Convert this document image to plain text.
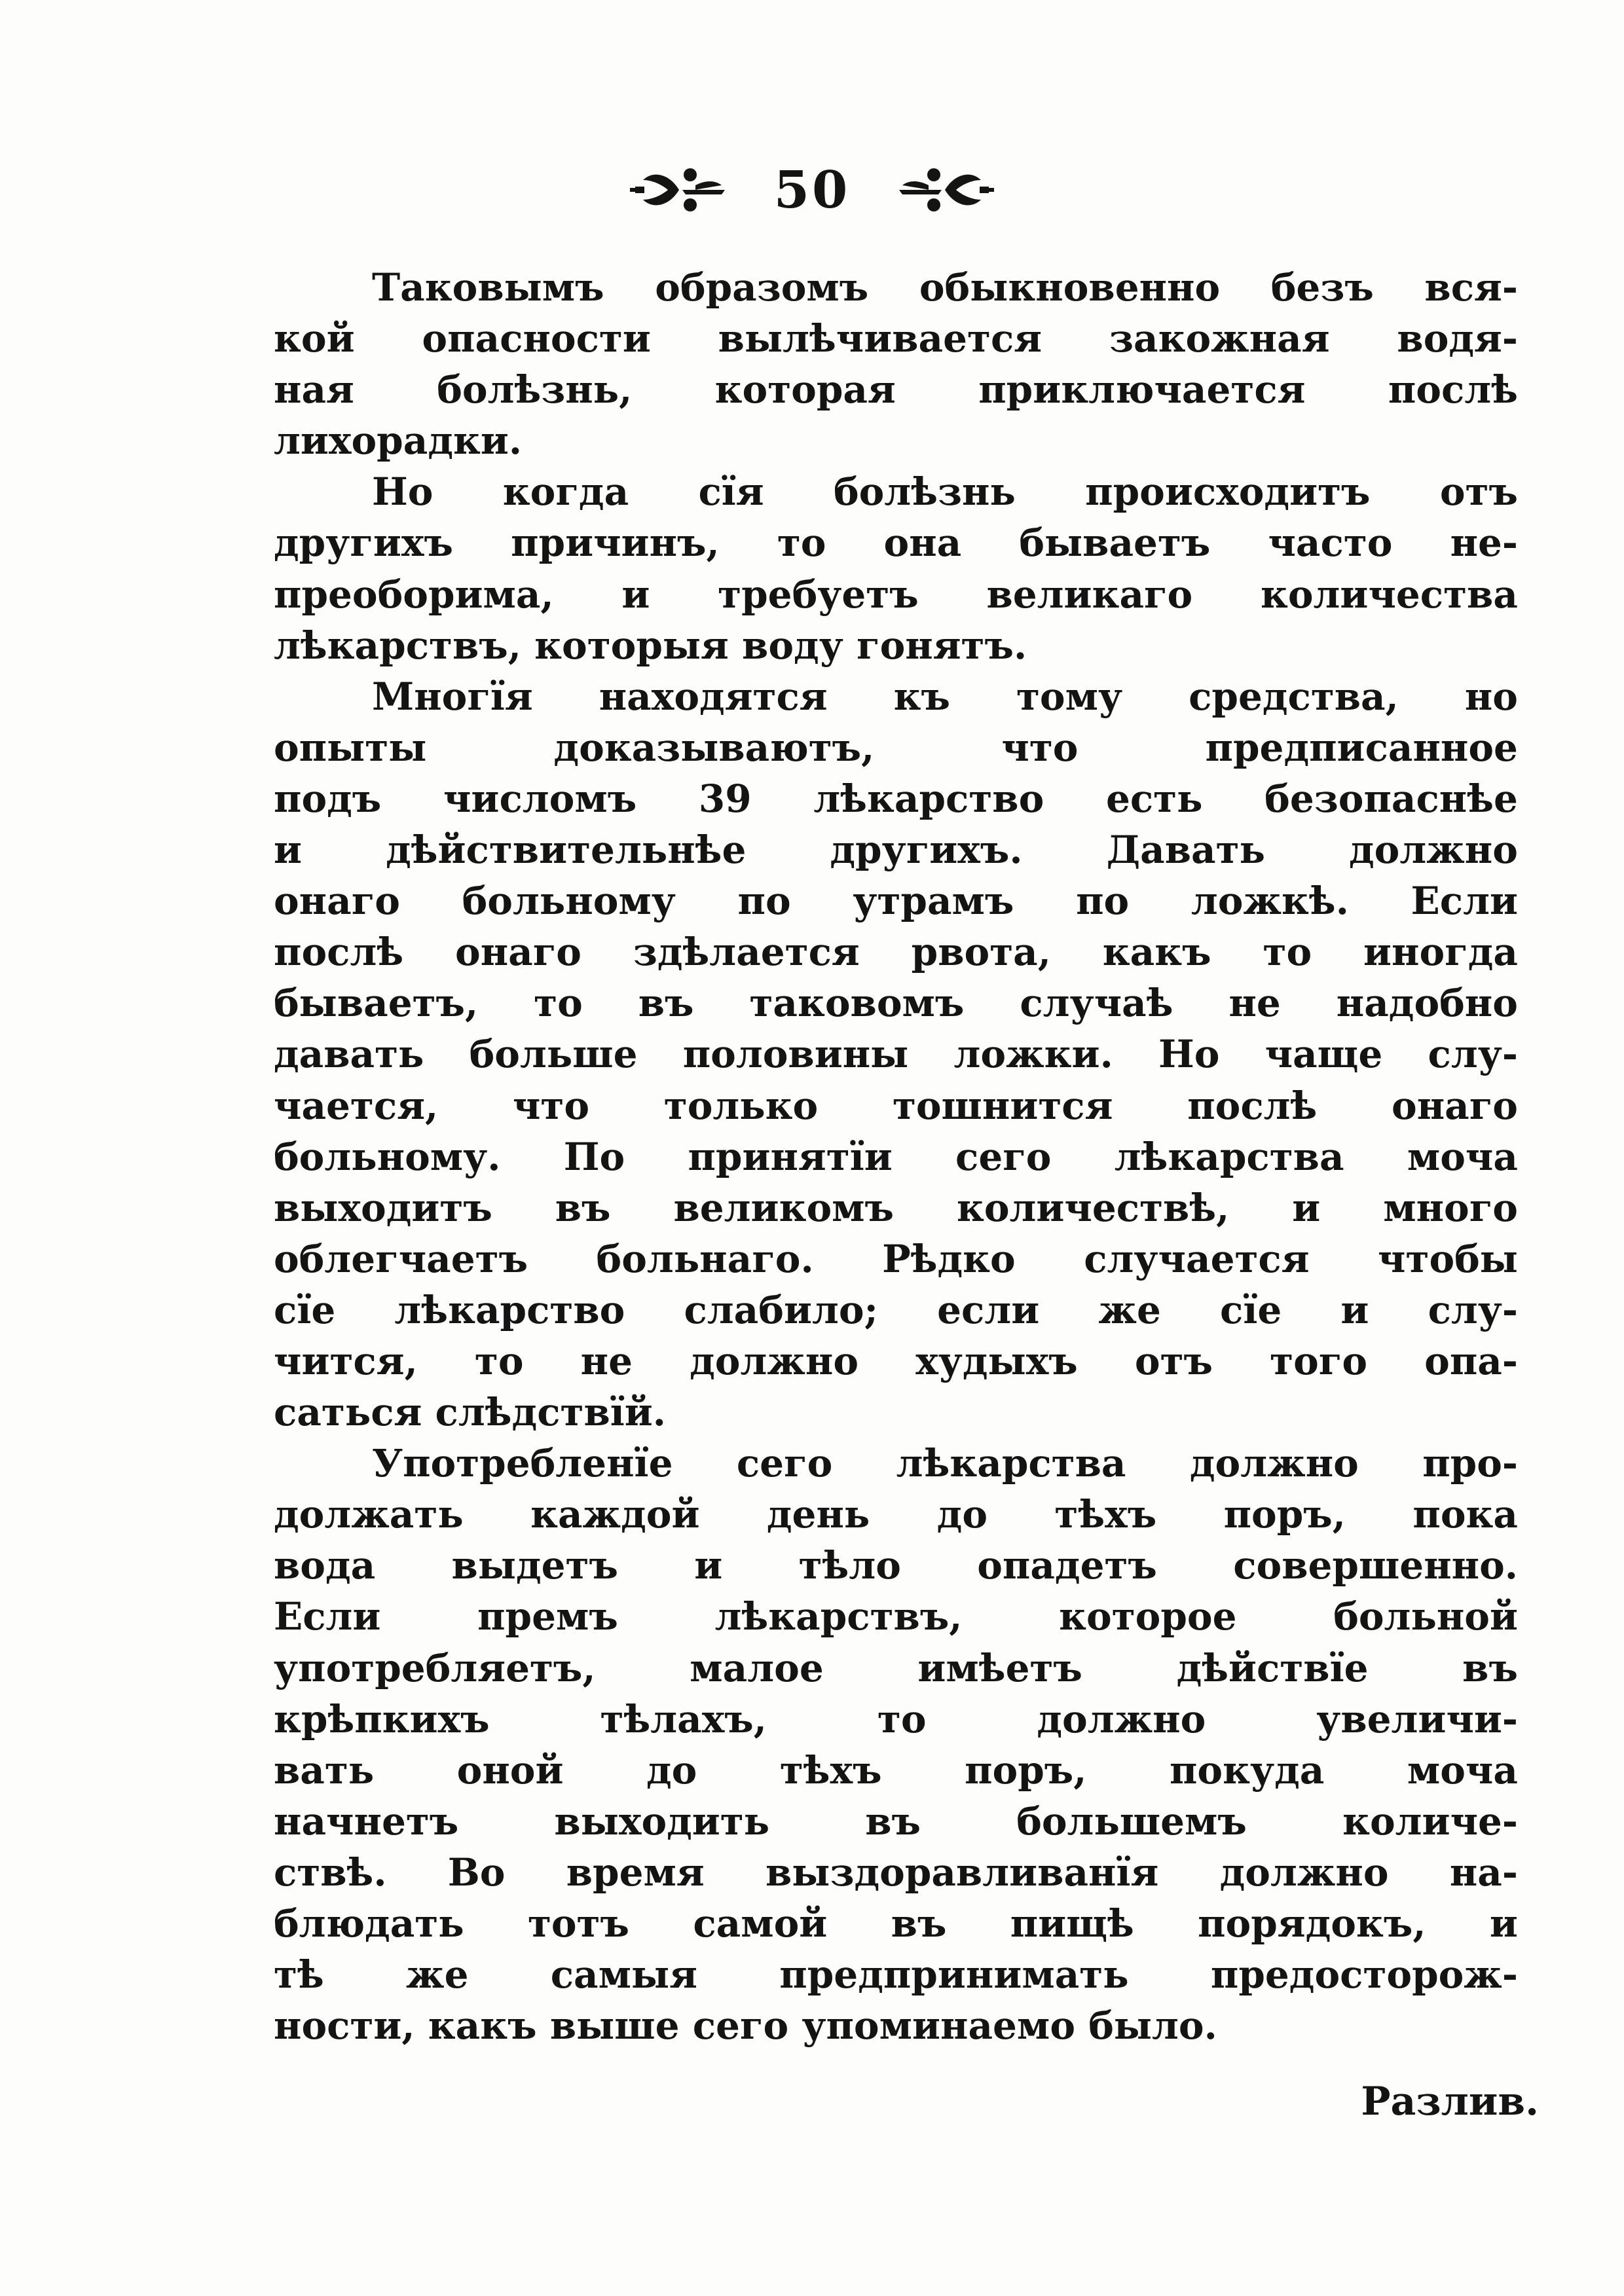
50
Таковымъ образомъ обыкновенно безъ вся-
кой опасности вылѣчивается закожная водя-
ная болѣзнь, которая приключается послѣ
лихорадки.
Но когда сїя болѣзнь происходитъ отъ
другихъ причинъ, то она бываетъ часто не-
преоборима, и требуетъ великаго количества
лѣкарствъ, которыя воду гонятъ.
Многїя находятся къ тому средства, но
опыты	доказываютъ,	что	предписанное
подъ числомъ 39 лѣкарство есть безопаснѣе
и дѣйствительнѣе другихъ. Давать должно
онаго больному по утрамъ по ложкѣ. Если
послѣ онаго здѣлается рвота, какъ то иногда
бываетъ, то въ таковомъ случаѣ не надобно
давать больше половины ложки. Но чаще слу-
чается, что только тошнится послѣ онаго
больному. По принятїи сего лѣкарства моча
выходитъ въ великомъ количествѣ, и много
облегчаетъ больнаго. Рѣдко случается чтобы
сїе лѣкарство слабило; если же сїе и слу-
чится, то не должно худыхъ отъ того опа-
саться слѣдствїй.
Употребленїе сего лѣкарства должно про-
должать каждой день до тѣхъ поръ, пока
вода выдетъ и тѣло опадетъ совершенно.
Если	премъ	лѣкарствъ,	которое	больной
употребляетъ, малое имѣетъ дѣйствїе въ
крѣпкихъ	тѣлахъ,	то	должно	увеличи-
вать оной до тѣхъ поръ, покуда моча
начнетъ	выходить	въ	большемъ	количе-
ствѣ. Во время выздоравливанїя должно на-
блюдать тотъ самой въ пищѣ порядокъ, и
тѣ же самыя предпринимать предосторож-
ности, какъ выше сего упоминаемо было.
Разлив.
